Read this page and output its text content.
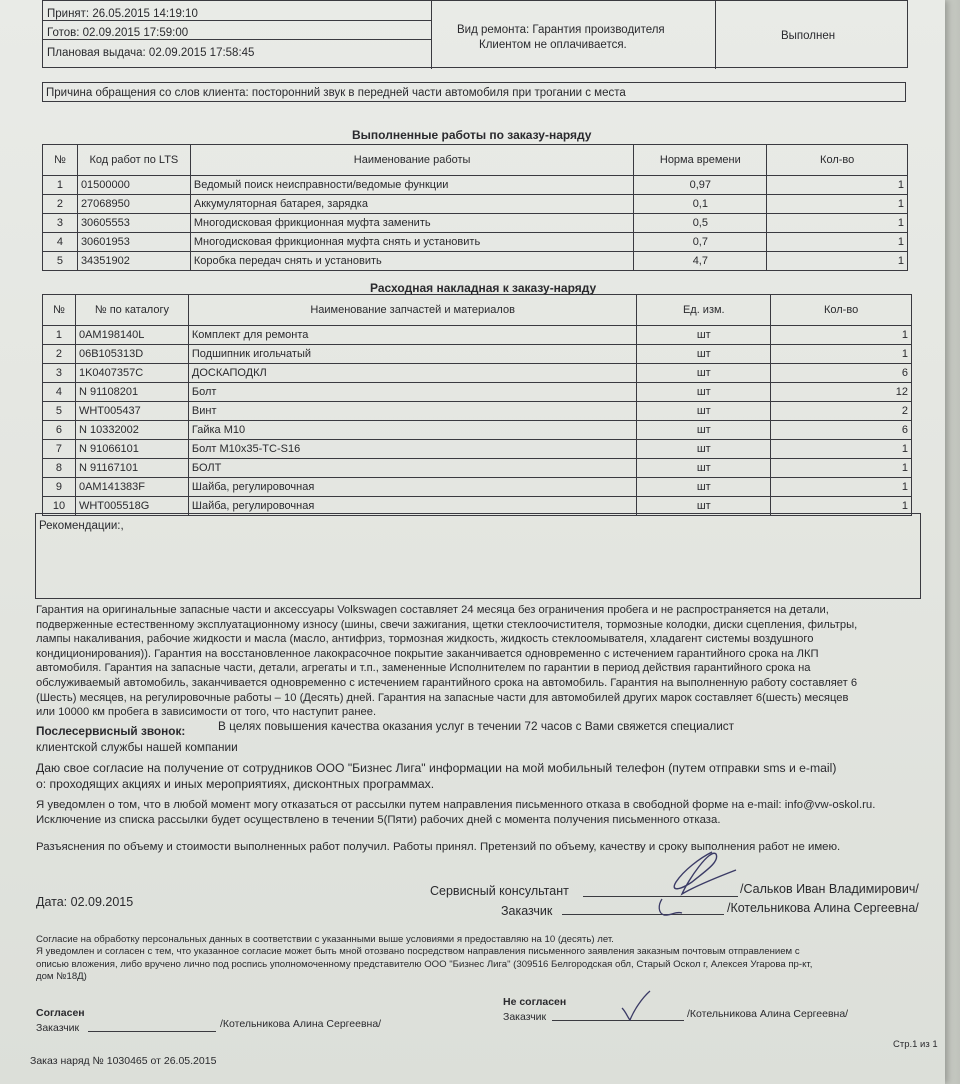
Принят: 26.05.2015 14:19:10
Готов: 02.09.2015 17:59:00
Плановая выдача: 02.09.2015 17:58:45
Вид ремонта: Гарантия производителя
Клиентом не оплачивается.
Выполнен
Причина обращения со слов клиента: посторонний звук в передней части автомобиля при трогании с места
Выполненные работы по заказу-наряду
№	Код работ по LTS	Наименование работы	Норма времени	Кол-во
1	01500000	Ведомый поиск неисправности/ведомые функции	0,97	1
2	27068950	Аккумуляторная батарея, зарядка	0,1	1
3	30605553	Многодисковая фрикционная муфта заменить	0,5	1
4	30601953	Многодисковая фрикционная муфта снять и установить	0,7	1
5	34351902	Коробка передач снять и установить	4,7	1
Расходная накладная к заказу-наряду
№	№ по каталогу	Наименование запчастей и материалов	Ед. изм.	Кол-во
1	0AM198140L	Комплект для ремонта	шт	1
2	06B105313D	Подшипник игольчатый	шт	1
3	1K0407357C	ДОСКАПОДКЛ	шт	6
4	N 91108201	Болт	шт	12
5	WHT005437	Винт	шт	2
6	N 10332002	Гайка M10	шт	6
7	N 91066101	Болт M10x35-TC-S16	шт	1
8	N 91167101	БОЛТ	шт	1
9	0AM141383F	Шайба, регулировочная	шт	1
10	WHT005518G	Шайба, регулировочная	шт	1
Рекомендации:,
Гарантия на оригинальные запасные части и аксессуары Volkswagen составляет 24 месяца без ограничения пробега и не распространяется на детали,
подверженные естественному эксплуатационному износу (шины, свечи зажигания, щетки стеклоочистителя, тормозные колодки, диски сцепления, фильтры,
лампы накаливания, рабочие жидкости и масла (масло, антифриз, тормозная жидкость, жидкость стеклоомывателя, хладагент системы воздушного
кондиционирования)). Гарантия на восстановленное лакокрасочное покрытие заканчивается одновременно с истечением гарантийного срока на ЛКП
автомобиля. Гарантия на запасные части, детали, агрегаты и т.п., замененные Исполнителем по гарантии в период действия гарантийного срока на
обслуживаемый автомобиль, заканчивается одновременно с истечением гарантийного срока на автомобиль. Гарантия на выполненную работу составляет 6
(Шесть) месяцев, на регулировочные работы – 10 (Десять) дней. Гарантия на запасные части для автомобилей других марок составляет 6(шесть) месяцев
или 10000 км пробега в зависимости от того, что наступит ранее.
Послесервисный звонок:	В целях повышения качества оказания услуг в течении 72 часов с Вами свяжется специалист
клиентской службы нашей компании
Даю свое согласие на получение от сотрудников ООО "Бизнес Лига" информации на мой мобильный телефон (путем отправки sms и e-mail)
о: проходящих акциях и иных мероприятиях, дисконтных программах.
Я уведомлен о том, что в любой момент могу отказаться от рассылки путем направления письменного отказа в свободной форме на e-mail: info@vw-oskol.ru.
Исключение из списка рассылки будет осуществлено в течении 5(Пяти) рабочих дней с момента получения письменного отказа.
Разъяснения по объему и стоимости выполненных работ получил. Работы принял. Претензий по объему, качеству и сроку выполнения работ не имею.
Дата: 02.09.2015
Сервисный консультант	/Сальков Иван Владимирович/
Заказчик	/Котельникова Алина Сергеевна/
Согласие на обработку персональных данных в соответствии с указанными выше условиями я предоставляю на 10 (десять) лет.
Я уведомлен и согласен с тем, что указанное согласие может быть мной отозвано посредством направления письменного заявления заказным почтовым отправлением с
описью вложения, либо вручено лично под роспись уполномоченному представителю ООО "Бизнес Лига" (309516 Белгородская обл, Старый Оскол г, Алексея Угарова пр-кт,
дом №18Д)
Согласен
Заказчик	/Котельникова Алина Сергеевна/
Не согласен
Заказчик	/Котельникова Алина Сергеевна/
Заказ наряд № 1030465 от 26.05.2015
Стр.1 из 1
